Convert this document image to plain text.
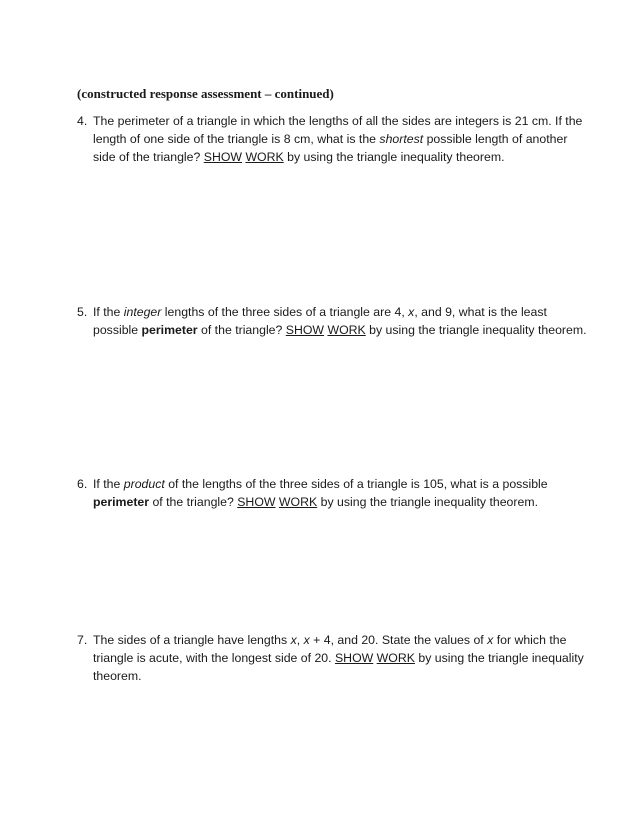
(constructed response assessment – continued)
4. The perimeter of a triangle in which the lengths of all the sides are integers is 21 cm. If the
length of one side of the triangle is 8 cm, what is the shortest possible length of another
side of the triangle? SHOW WORK by using the triangle inequality theorem.
5. If the integer lengths of the three sides of a triangle are 4, x, and 9, what is the least
possible perimeter of the triangle? SHOW WORK by using the triangle inequality theorem.
6. If the product of the lengths of the three sides of a triangle is 105, what is a possible
perimeter of the triangle? SHOW WORK by using the triangle inequality theorem.
7. The sides of a triangle have lengths x, x + 4, and 20. State the values of x for which the
triangle is acute, with the longest side of 20. SHOW WORK by using the triangle inequality
theorem.
